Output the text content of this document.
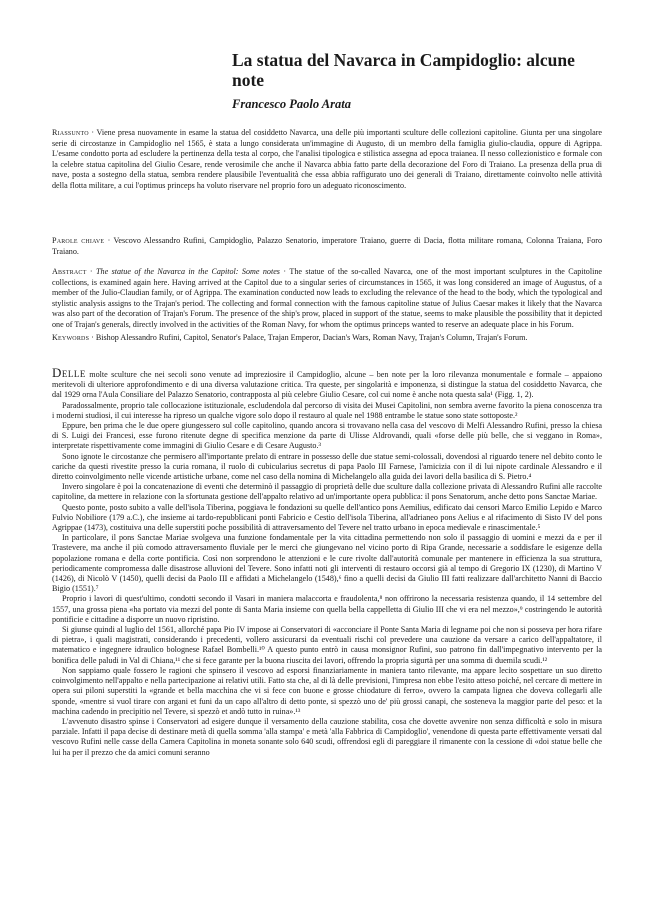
La statua del Navarca in Campidoglio: alcune note
Francesco Paolo Arata

Riassunto · Viene presa nuovamente in esame la statua del cosiddetto Navarca, una delle più importanti sculture delle collezioni capitoline. Giunta per una singolare serie di circostanze in Campidoglio nel 1565, è stata a lungo considerata un'immagine di Augusto, di un membro della famiglia giulio-claudia, oppure di Agrippa. L'esame condotto porta ad escludere la pertinenza della testa al corpo, che l'analisi tipologica e stilistica assegna ad epoca traianea. Il nesso collezionistico e formale con la celebre statua capitolina del Giulio Cesare, rende verosimile che anche il Navarca abbia fatto parte della decorazione del Foro di Traiano. La presenza della prua di nave, posta a sostegno della statua, sembra rendere plausibile l'eventualità che essa abbia raffigurato uno dei generali di Traiano, direttamente coinvolto nelle attività della flotta militare, a cui l'optimus princeps ha voluto riservare nel proprio foro un adeguato riconoscimento.

Parole chiave · Vescovo Alessandro Rufini, Campidoglio, Palazzo Senatorio, imperatore Traiano, guerre di Dacia, flotta militare romana, Colonna Traiana, Foro Traiano.

Abstract · The statue of the Navarca in the Capitol: Some notes · The statue of the so-called Navarca, one of the most important sculptures in the Capitoline collections, is examined again here. Having arrived at the Capitol due to a singular series of circumstances in 1565, it was long considered an image of Augustus, of a member of the Julio-Claudian family, or of Agrippa. The examination conducted now leads to excluding the relevance of the head to the body, which the typological and stylistic analysis assigns to the Trajan's period. The collecting and formal connection with the famous capitoline statue of Julius Caesar makes it likely that the Navarca was also part of the decoration of Trajan's Forum. The presence of the ship's prow, placed in support of the statue, seems to make plausible the possibility that it depicted one of Trajan's generals, directly involved in the activities of the Roman Navy, for whom the optimus princeps wanted to reserve an adequate place in his Forum.

Keywords · Bishop Alessandro Rufini, Capitol, Senator's Palace, Trajan Emperor, Dacian's Wars, Roman Navy, Trajan's Column, Trajan's Forum.

Delle molte sculture che nei secoli sono venute ad impreziosire il Campidoglio, alcune – ben note per la loro rilevanza monumentale e formale – appaiono meritevoli di ulteriore approfondimento e di una diversa valutazione critica. Tra queste, per singolarità e imponenza, si distingue la statua del cosiddetto Navarca, che dal 1929 orna l'Aula Consiliare del Palazzo Senatorio, contrapposta al più celebre Giulio Cesare, col cui nome è anche nota questa sala¹ (Figg. 1, 2).

Paradossalmente, proprio tale collocazione istituzionale, escludendola dal percorso di visita dei Musei Capitolini, non sembra averne favorito la piena conoscenza tra i moderni studiosi, il cui interesse ha ripreso un qualche vigore solo dopo il restauro al quale nel 1988 entrambe le statue sono state sottoposte.²

Eppure, ben prima che le due opere giungessero sul colle capitolino, quando ancora si trovavano nella casa del vescovo di Melfi Alessandro Rufini, presso la chiesa di S. Luigi dei Francesi, esse furono ritenute degne di specifica menzione da parte di Ulisse Aldrovandi, quali «forse delle più belle, che si veggano in Roma», interpretate rispettivamente come immagini di Giulio Cesare e di Cesare Augusto.³

Sono ignote le circostanze che permisero all'importante prelato di entrare in possesso delle due statue semi-colossali, dovendosi al riguardo tenere nel debito conto le cariche da questi rivestite presso la curia romana, il ruolo di cubicularius secretus di papa Paolo III Farnese, l'amicizia con il di lui nipote cardinale Alessandro e il diretto coinvolgimento nelle vicende artistiche urbane, come nel caso della nomina di Michelangelo alla guida dei lavori della basilica di S. Pietro.⁴

Invero singolare è poi la concatenazione di eventi che determinò il passaggio di proprietà delle due sculture dalla collezione privata di Alessandro Rufini alle raccolte capitoline, da mettere in relazione con la sfortunata gestione dell'appalto relativo ad un'importante opera pubblica: il pons Senatorum, anche detto pons Sanctae Mariae.

Questo ponte, posto subito a valle dell'isola Tiberina, poggiava le fondazioni su quelle dell'antico pons Aemilius, edificato dai censori Marco Emilio Lepido e Marco Fulvio Nobiliore (179 a.C.), che insieme ai tardo-repubblicani ponti Fabricio e Cestio dell'isola Tiberina, all'adrianeo pons Aelius e al rifacimento di Sisto IV del pons Agrippae (1473), costituiva una delle superstiti poche possibilità di attraversamento del Tevere nel tratto urbano in epoca medievale e rinascimentale.⁵

In particolare, il pons Sanctae Mariae svolgeva una funzione fondamentale per la vita cittadina permettendo non solo il passaggio di uomini e mezzi da e per il Trastevere, ma anche il più comodo attraversamento fluviale per le merci che giungevano nel vicino porto di Ripa Grande, necessarie a soddisfare le esigenze della popolazione romana e della corte pontificia. Così non sorprendono le attenzioni e le cure rivolte dall'autorità comunale per mantenere in efficienza la sua struttura, periodicamente compromessa dalle disastrose alluvioni del Tevere. Sono infatti noti gli interventi di restauro occorsi già al tempo di Gregorio IX (1230), di Martino V (1426), di Nicolò V (1450), quelli decisi da Paolo III e affidati a Michelangelo (1548),⁶ fino a quelli decisi da Giulio III fatti realizzare dall'architetto Nanni di Baccio Bigio (1551).⁷

Proprio i lavori di quest'ultimo, condotti secondo il Vasari in maniera malaccorta e fraudolenta,⁸ non offrirono la necessaria resistenza quando, il 14 settembre del 1557, una grossa piena «ha portato via mezzi del ponte di Santa Maria insieme con quella bella cappelletta di Giulio III che vi era nel mezzo»,⁹ costringendo le autorità pontificie e cittadine a disporre un nuovo ripristino.

Si giunse quindi al luglio del 1561, allorché papa Pio IV impose ai Conservatori di «acconciare il Ponte Santa Maria di legname poi che non si posseva per hora rifare di pietra», i quali magistrati, considerando i precedenti, vollero assicurarsi da eventuali rischi col prevedere una cauzione da versare a carico dell'appaltatore, il matematico e ingegnere idraulico bolognese Rafael Bombelli.¹⁰ A questo punto entrò in causa monsignor Rufini, suo patrono fin dall'impegnativo intervento per la bonifica delle paludi in Val di Chiana,¹¹ che si fece garante per la buona riuscita dei lavori, offrendo la propria sigurtà per una somma di duemila scudi.¹²

Non sappiamo quale fossero le ragioni che spinsero il vescovo ad esporsi finanziariamente in maniera tanto rilevante, ma appare lecito sospettare un suo diretto coinvolgimento nell'appalto e nella partecipazione ai relativi utili. Fatto sta che, al di là delle previsioni, l'impresa non ebbe l'esito atteso poiché, nel cercare di mettere in opera sui piloni superstiti la «grande et bella macchina che vi si fece con buone e grosse chiodature di ferro», ovvero la campata lignea che doveva collegarli alle sponde, «mentre si vuol tirare con argani et funi da un capo all'altro di detto ponte, si spezzò uno de' più grossi canapi, che sosteneva la maggior parte del peso: et la machina cadendo in precipitio nel Tevere, si spezzò et andò tutto in ruina».¹³

L'avvenuto disastro spinse i Conservatori ad esigere dunque il versamento della cauzione stabilita, cosa che dovette avvenire non senza difficoltà e solo in misura parziale. Infatti il papa decise di destinare metà di quella somma 'alla stampa' e metà 'alla Fabbrica di Campidoglio', venendone di questa parte effettivamente versati dal vescovo Rufini nelle casse della Camera Capitolina in moneta sonante solo 640 scudi, offrendosi egli di pareggiare il rimanente con la cessione di «doi statue belle che lui ha per il prezzo che da amici comuni seranno
